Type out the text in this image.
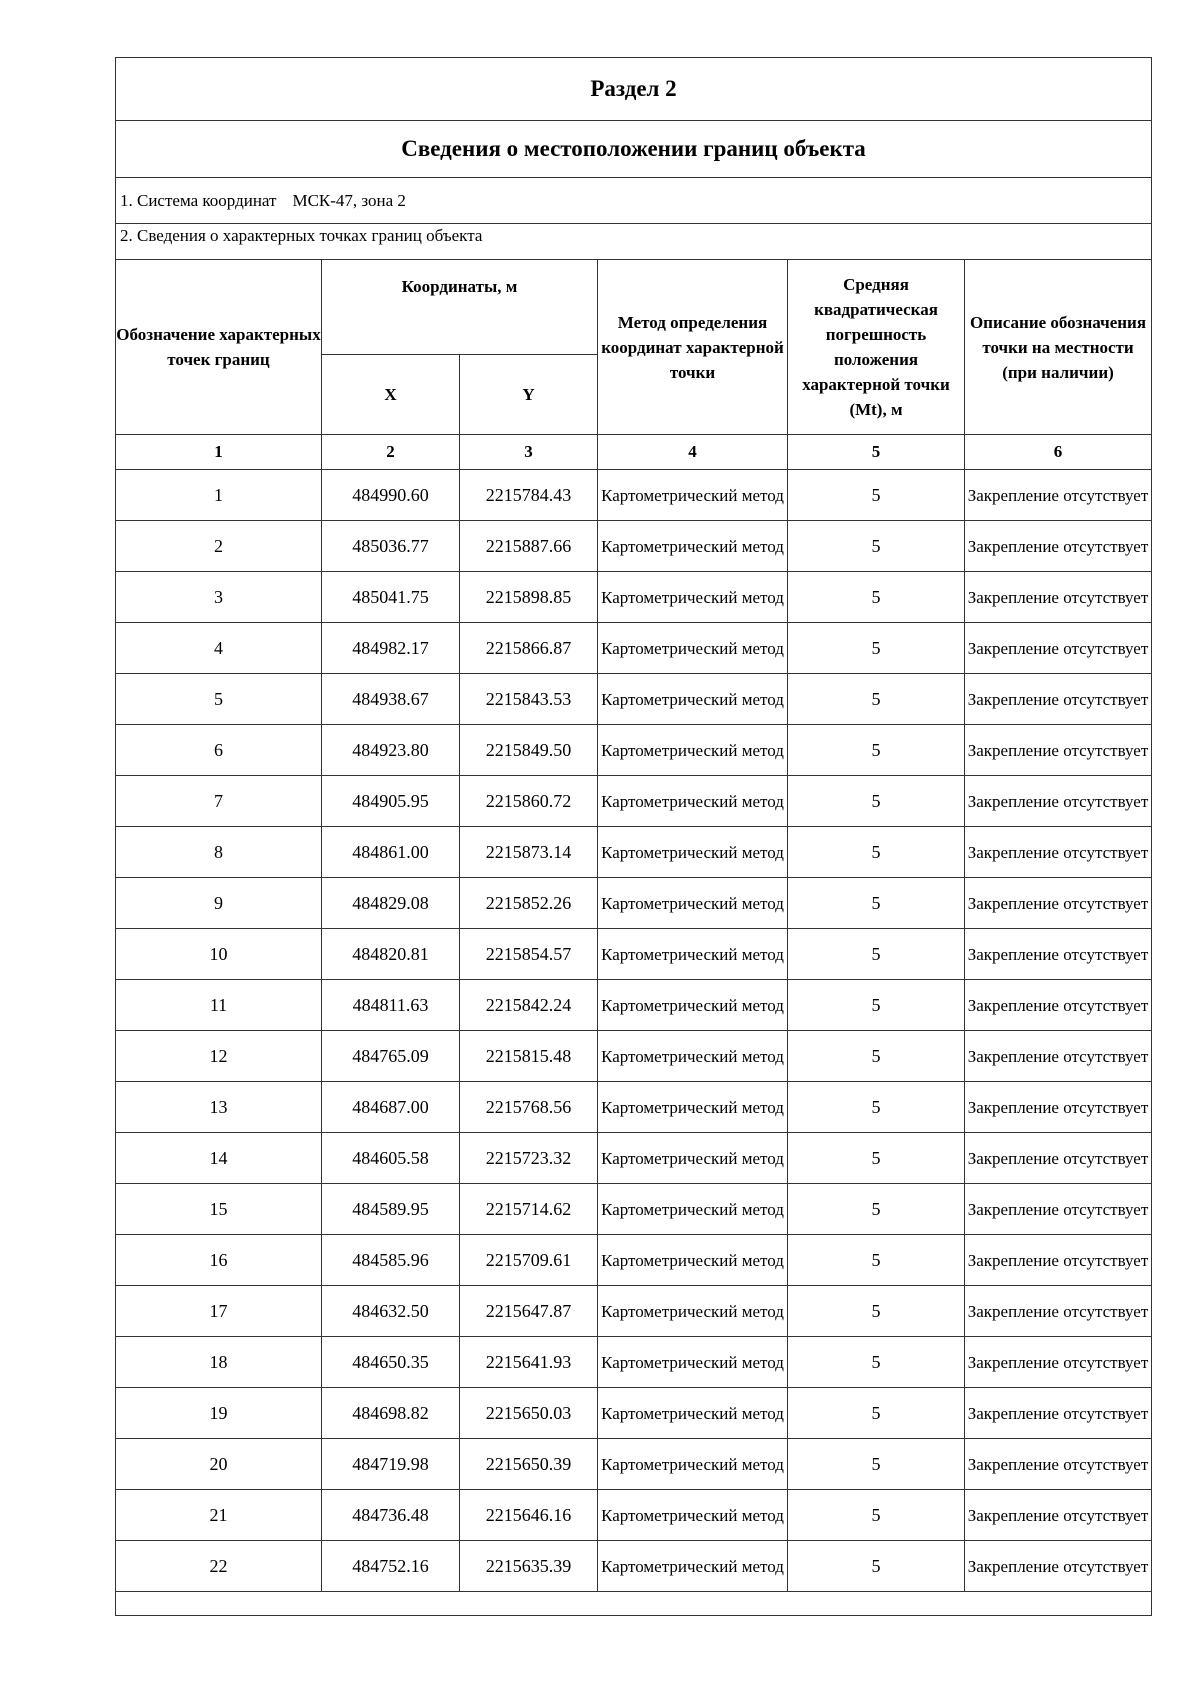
Раздел 2					
Сведения о местоположении границ объекта					
1. Система координат МСК-47, зона 2					
2. Сведения о характерных точках границ объекта					
Обозначение характерных точек границ	Координаты, м		Метод определения координат характерной точки	Средняя квадратическая погрешность положения характерной точки (Mt), м	Описание обозначения точки на местности (при наличии)
	X	Y			
1	2	3	4	5	6
1	484990.60	2215784.43	Картометрический метод	5	Закрепление отсутствует
2	485036.77	2215887.66	Картометрический метод	5	Закрепление отсутствует
3	485041.75	2215898.85	Картометрический метод	5	Закрепление отсутствует
4	484982.17	2215866.87	Картометрический метод	5	Закрепление отсутствует
5	484938.67	2215843.53	Картометрический метод	5	Закрепление отсутствует
6	484923.80	2215849.50	Картометрический метод	5	Закрепление отсутствует
7	484905.95	2215860.72	Картометрический метод	5	Закрепление отсутствует
8	484861.00	2215873.14	Картометрический метод	5	Закрепление отсутствует
9	484829.08	2215852.26	Картометрический метод	5	Закрепление отсутствует
10	484820.81	2215854.57	Картометрический метод	5	Закрепление отсутствует
11	484811.63	2215842.24	Картометрический метод	5	Закрепление отсутствует
12	484765.09	2215815.48	Картометрический метод	5	Закрепление отсутствует
13	484687.00	2215768.56	Картометрический метод	5	Закрепление отсутствует
14	484605.58	2215723.32	Картометрический метод	5	Закрепление отсутствует
15	484589.95	2215714.62	Картометрический метод	5	Закрепление отсутствует
16	484585.96	2215709.61	Картометрический метод	5	Закрепление отсутствует
17	484632.50	2215647.87	Картометрический метод	5	Закрепление отсутствует
18	484650.35	2215641.93	Картометрический метод	5	Закрепление отсутствует
19	484698.82	2215650.03	Картометрический метод	5	Закрепление отсутствует
20	484719.98	2215650.39	Картометрический метод	5	Закрепление отсутствует
21	484736.48	2215646.16	Картометрический метод	5	Закрепление отсутствует
22	484752.16	2215635.39	Картометрический метод	5	Закрепление отсутствует
